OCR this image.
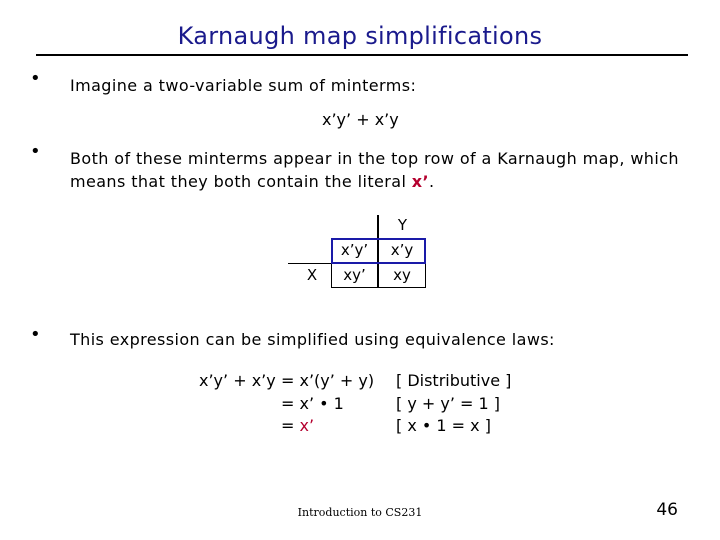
Karnaugh map simplifications
• Imagine a two-variable sum of minterms:
x’y’ + x’y
• Both of these minterms appear in the top row of a Karnaugh map, which
means that they both contain the literal x’.
Y
X
x’y’	x’y
xy’	xy
• This expression can be simplified using equivalence laws:
x’y’ + x’y = x’(y’ + y) [ Distributive ]
= x’ • 1	[ y + y’ = 1 ]
= x’	[ x • 1 = x ]
Introduction to CS231	46
